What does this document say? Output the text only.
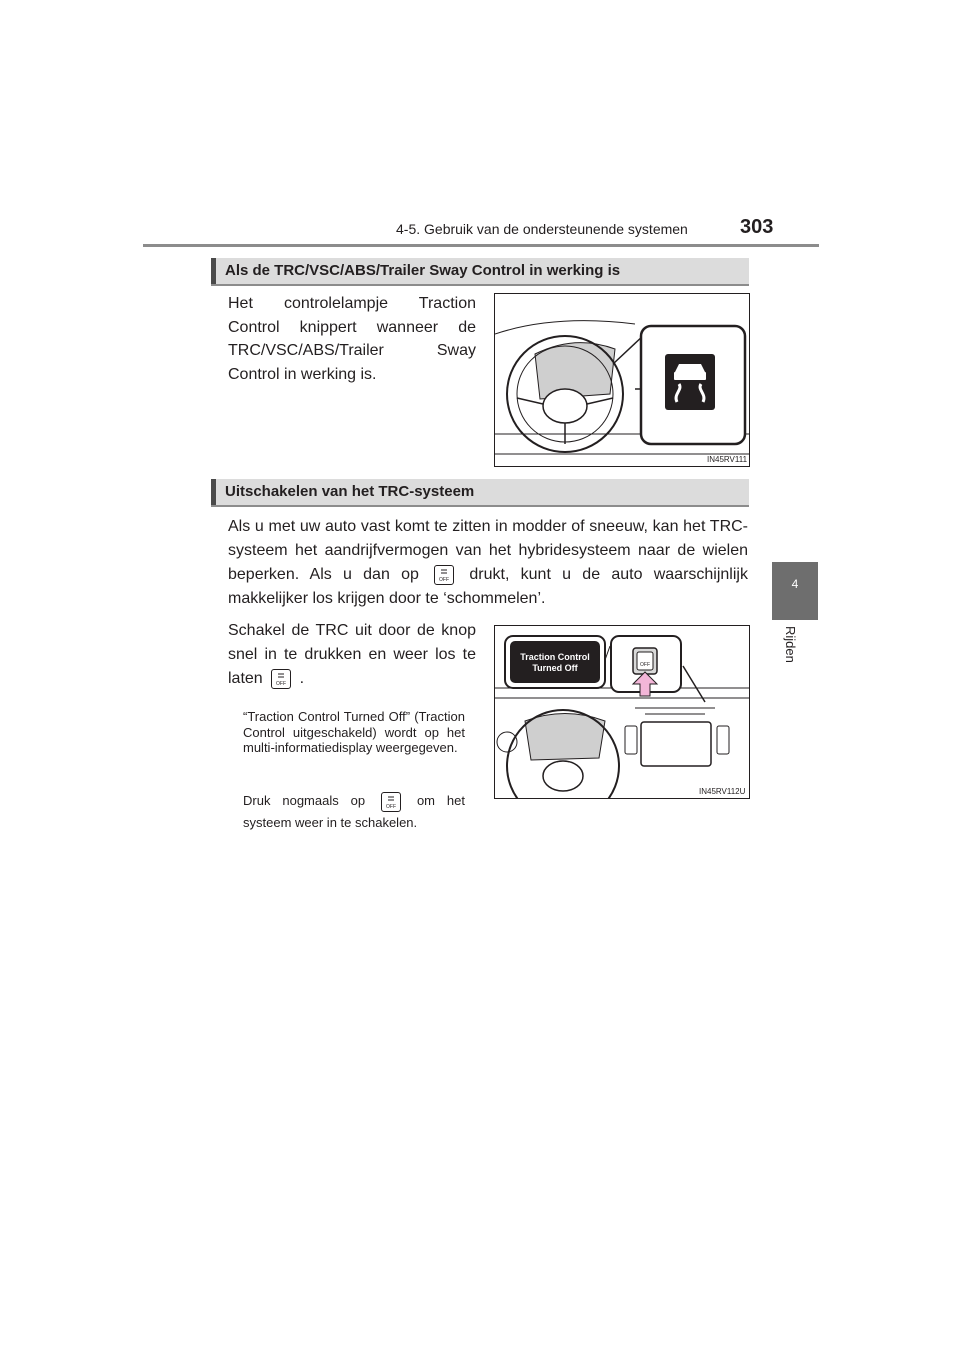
4-5. Gebruik van de ondersteunende systemen	303
4
Rijden
Als de TRC/VSC/ABS/Trailer Sway Control in werking is
Het controlelampje Traction Control knippert wanneer de TRC/VSC/ABS/Trailer Sway Control in werking is.
IN45RV111
Uitschakelen van het TRC-systeem
Als u met uw auto vast komt te zitten in modder of sneeuw, kan het TRC-systeem het aandrijfvermogen van het hybridesysteem naar de wielen beperken. Als u dan op	OFF drukt, kunt u de auto waarschijnlijk makkelijker los krijgen door te ‘schommelen’.
Schakel de TRC uit door de knop snel in te drukken en weer los te laten	OFF .
“Traction Control Turned Off” (Traction Control uitgeschakeld) wordt op het multi-informatiedisplay weergegeven.
Druk nogmaals op	OFF om het systeem weer in te schakelen.
OFF
Traction Control
Turned Off
IN45RV112U
